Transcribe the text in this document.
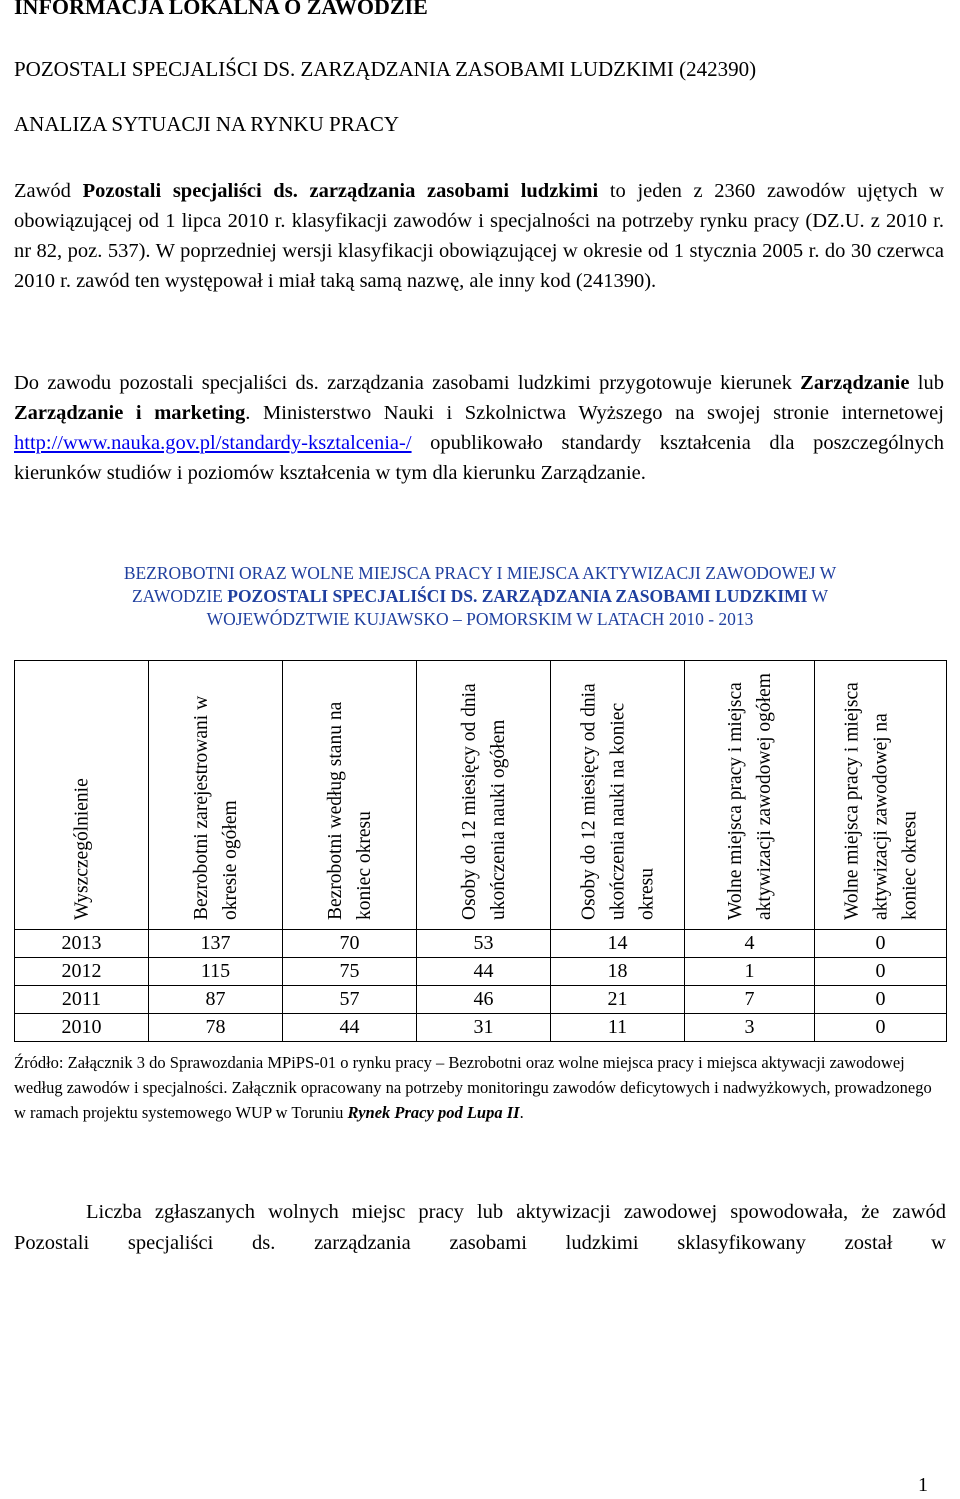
INFORMACJA LOKALNA O ZAWODZIE
POZOSTALI SPECJALIŚCI DS. ZARZĄDZANIA ZASOBAMI LUDZKIMI (242390)
ANALIZA SYTUACJI NA RYNKU PRACY
Zawód Pozostali specjaliści ds. zarządzania zasobami ludzkimi to jeden z 2360 zawodów ujętych w obowiązującej od 1 lipca 2010 r. klasyfikacji zawodów i specjalności na potrzeby rynku pracy (DZ.U. z 2010 r. nr 82, poz. 537). W poprzedniej wersji klasyfikacji obowiązującej w okresie od 1 stycznia 2005 r. do 30 czerwca 2010 r. zawód ten występował i miał taką samą nazwę, ale inny kod (241390).
Do zawodu pozostali specjaliści ds. zarządzania zasobami ludzkimi przygotowuje kierunek Zarządzanie lub Zarządzanie i marketing. Ministerstwo Nauki i Szkolnictwa Wyższego na swojej stronie internetowej http://www.nauka.gov.pl/standardy-ksztalcenia-/ opublikowało standardy kształcenia dla poszczególnych kierunków studiów i poziomów kształcenia w tym dla kierunku Zarządzanie.
BEZROBOTNI ORAZ WOLNE MIEJSCA PRACY I MIEJSCA AKTYWIZACJI ZAWODOWEJ W
ZAWODZIE POZOSTALI SPECJALIŚCI DS. ZARZĄDZANIA ZASOBAMI LUDZKIMI W
WOJEWÓDZTWIE KUJAWSKO – POMORSKIM W LATACH 2010 - 2013
Wyszczególnienie	Bezrobotni zarejestrowani w okresie ogółem	Bezrobotni według stanu na koniec okresu	Osoby do 12 miesięcy od dnia ukończenia nauki ogółem	Osoby do 12 miesięcy od dnia ukończenia nauki na koniec okresu	Wolne miejsca pracy i miejsca aktywizacji zawodowej ogółem	Wolne miejsca pracy i miejsca aktywizacji zawodowej na koniec okresu

2013	137	70	53	14	4	0
2012	115	75	44	18	1	0
2011	87	57	46	21	7	0
2010	78	44	31	11	3	0
Źródło: Załącznik 3 do Sprawozdania MPiPS-01 o rynku pracy – Bezrobotni oraz wolne miejsca pracy i miejsca aktywacji zawodowej według zawodów i specjalności. Załącznik opracowany na potrzeby monitoringu zawodów deficytowych i nadwyżkowych, prowadzonego w ramach projektu systemowego WUP w Toruniu Rynek Pracy pod Lupa II.
Liczba zgłaszanych wolnych miejsc pracy lub aktywizacji zawodowej spowodowała, że zawód Pozostali specjaliści ds. zarządzania zasobami ludzkimi sklasyfikowany został w
1
